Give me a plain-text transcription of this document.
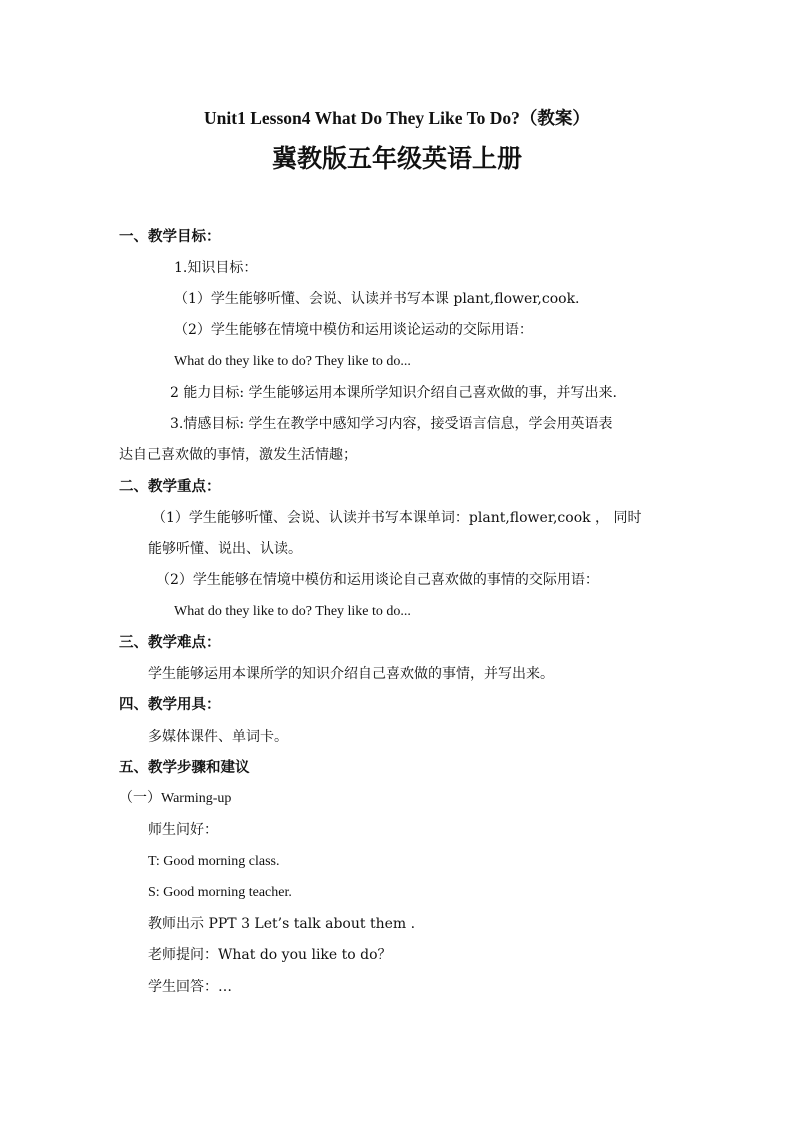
Unit1 Lesson4 What Do They Like To Do?（教案）
冀教版五年级英语上册
一、教学目标：
1.知识目标：
（1）学生能够听懂、会说、认读并书写本课 plant,flower,cook.
（2）学生能够在情境中模仿和运用谈论运动的交际用语：
What do they like to do? They like to do...
2 能力目标: 学生能够运用本课所学知识介绍自己喜欢做的事，并写出来.
3.情感目标: 学生在教学中感知学习内容，接受语言信息，学会用英语表
达自己喜欢做的事情，激发生活情趣；
二、教学重点：
（1）学生能够听懂、会说、认读并书写本课单词：plant,flower,cook ， 同时
能够听懂、说出、认读。
（2）学生能够在情境中模仿和运用谈论自己喜欢做的事情的交际用语：
What do they like to do? They like to do...
三、教学难点：
学生能够运用本课所学的知识介绍自己喜欢做的事情，并写出来。
四、教学用具：
多媒体课件、单词卡。
五、教学步骤和建议
（一）Warming-up
师生问好：
T: Good morning class.
S: Good morning teacher.
教师出示 PPT 3 Let’s talk about them .
老师提问：What do you like to do？
学生回答：…
